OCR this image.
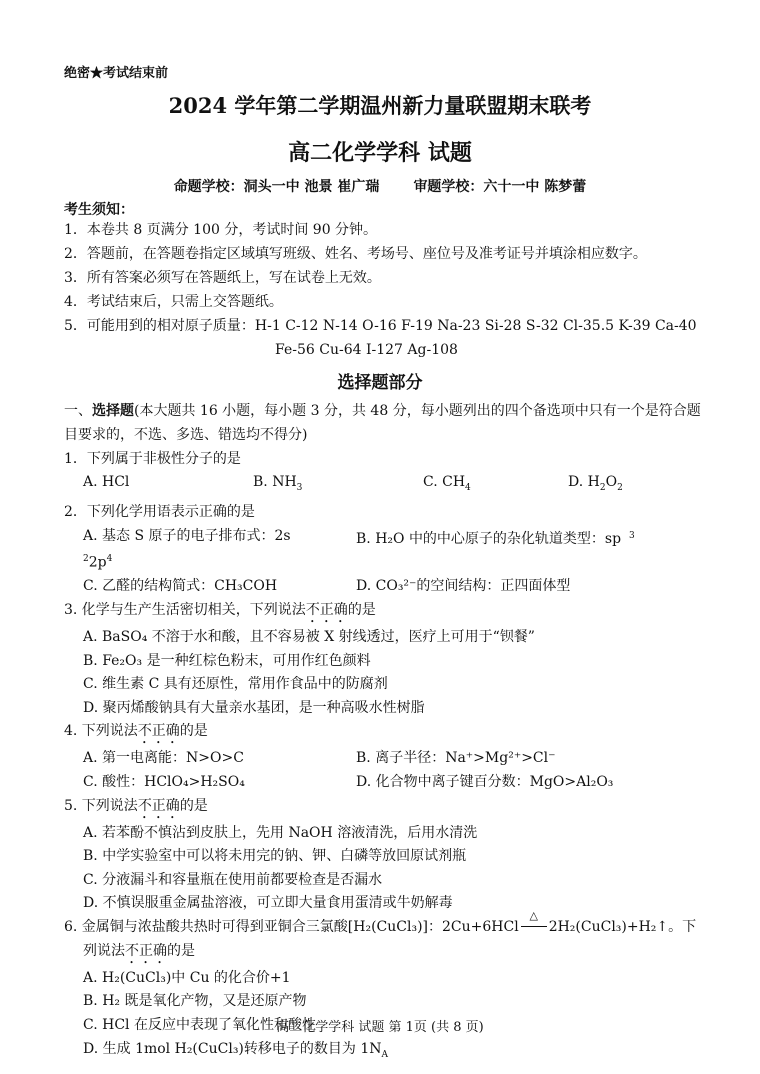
绝密★考试结束前
2024 学年第二学期温州新力量联盟期末联考
高二化学学科 试题
命题学校：洞头一中 池景 崔广瑞 审题学校：六十一中 陈梦蕾
考生须知：
1．本卷共 8 页满分 100 分，考试时间 90 分钟。
2．答题前，在答题卷指定区域填写班级、姓名、考场号、座位号及准考证号并填涂相应数字。
3．所有答案必须写在答题纸上，写在试卷上无效。
4．考试结束后，只需上交答题纸。
5．可能用到的相对原子质量：H-1 C-12 N-14 O-16 F-19 Na-23 Si-28 S-32 Cl-35.5 K-39 Ca-40
Fe-56 Cu-64 I-127 Ag-108
选择题部分
一、选择题(本大题共 16 小题，每小题 3 分，共 48 分，每小题列出的四个备选项中只有一个是符合题目要求的，不选、多选、错选均不得分)
1．下列属于非极性分子的是
A. HCl	B. $NH_3$	C. $CH_4$	D. $H_2O_2$
2．下列化学用语表示正确的是
A. 基态 S 原子的电子排布式：$2s^22p^4$
B. H₂O 中的中心原子的杂化轨道类型：sp $^3$
C. 乙醛的结构简式：CH₃COH	D. CO₃²⁻的空间结构：正四面体型
3. 化学与生产生活密切相关，下列说法不正确的是
A. BaSO₄ 不溶于水和酸，且不容易被 X 射线透过，医疗上可用于“钡餐”
B. Fe₂O₃ 是一种红棕色粉末，可用作红色颜料
C. 维生素 C 具有还原性，常用作食品中的防腐剂
D. 聚丙烯酸钠具有大量亲水基团，是一种高吸水性树脂
4. 下列说法不正确的是
A. 第一电离能：N>O>C	B. 离子半径：Na⁺>Mg²⁺>Cl⁻
C. 酸性：HClO₄>H₂SO₄	D. 化合物中离子键百分数：MgO>Al₂O₃
5. 下列说法不正确的是
A. 若苯酚不慎沾到皮肤上，先用 NaOH 溶液清洗，后用水清洗
B. 中学实验室中可以将未用完的钠、钾、白磷等放回原试剂瓶
C. 分液漏斗和容量瓶在使用前都要检查是否漏水
D. 不慎误服重金属盐溶液，可立即大量食用蛋清或牛奶解毒
6. 金属铜与浓盐酸共热时可得到亚铜合三氯酸[H₂(CuCl₃)]：2Cu+6HCl
△
2H₂(CuCl₃)+H₂↑。下
列说法不正确的是
A. H₂(CuCl₃)中 Cu 的化合价+1
B. H₂ 既是氧化产物，又是还原产物
C. HCl 在反应中表现了氧化性和酸性
D. 生成 1mol H₂(CuCl₃)转移电子的数目为 $1N_A$
高二化学学科 试题 第 1页 (共 8 页)
